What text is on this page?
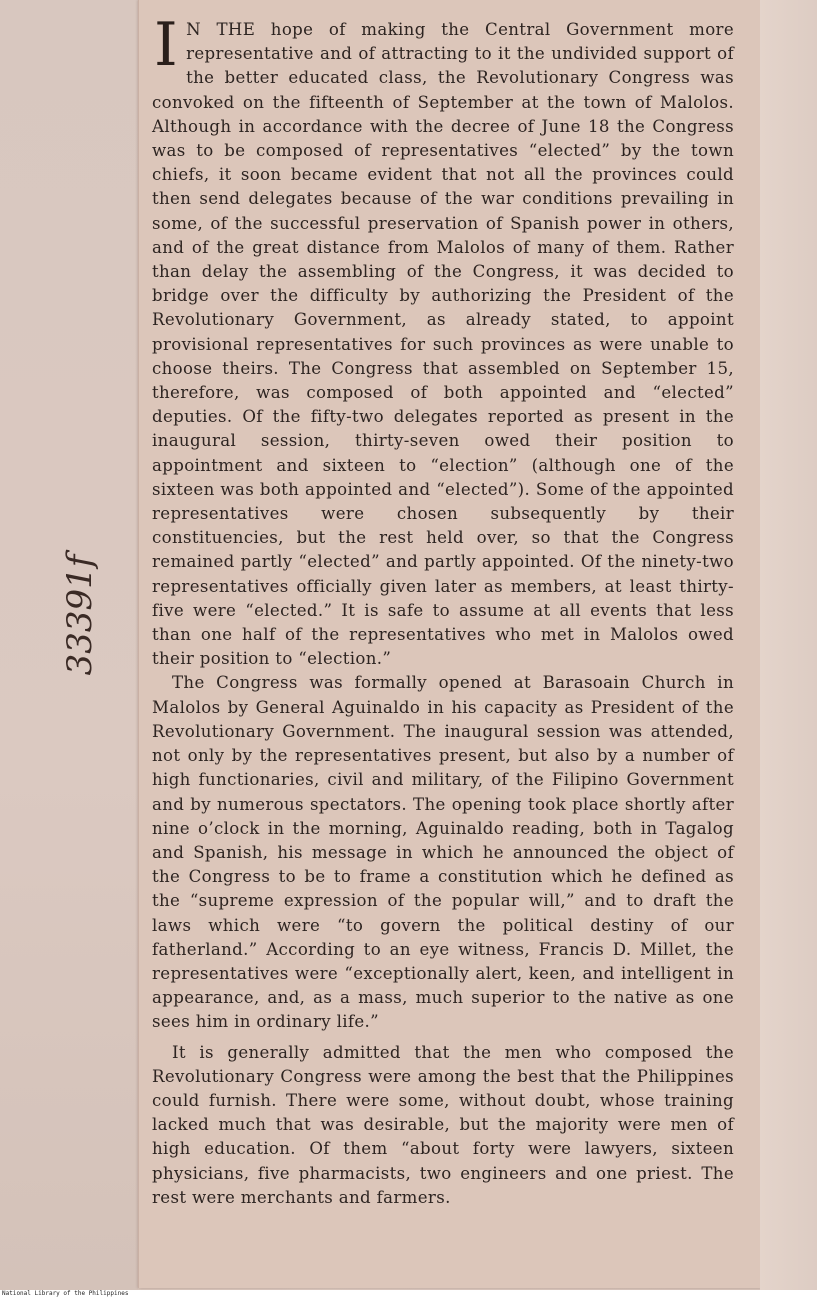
I N THE hope of making the Central Government more representative and of attracting to it the undivided support of the better educated class, the Revolutionary Congress was convoked on the fifteenth of September at the town of Malolos. Although in accordance with the decree of June 18 the Congress was to be composed of representatives “elected” by the town chiefs, it soon became evident that not all the provinces could then send delegates because of the war conditions prevailing in some, of the successful preservation of Spanish power in others, and of the great distance from Malolos of many of them. Rather than delay the assembling of the Congress, it was decided to bridge over the difficulty by authorizing the President of the Revolutionary Government, as already stated, to appoint provisional representatives for such provinces as were unable to choose theirs. The Congress that assembled on September 15, therefore, was composed of both appointed and “elected” deputies. Of the fifty-two delegates reported as present in the inaugural session, thirty-seven owed their position to appointment and sixteen to “election” (although one of the sixteen was both appointed and “elected”). Some of the appointed representatives were chosen subsequently by their constituencies, but the rest held over, so that the Congress remained partly “elected” and partly appointed. Of the ninety-two representatives officially given later as members, at least thirty-five were “elected.” It is safe to assume at all events that less than one half of the representatives who met in Malolos owed their position to “election.”

The Congress was formally opened at Barasoain Church in Malolos by General Aguinaldo in his capacity as President of the Revolutionary Government. The inaugural session was attended, not only by the representatives present, but also by a number of high functionaries, civil and military, of the Filipino Government and by numerous spectators. The opening took place shortly after nine o’clock in the morning, Aguinaldo reading, both in Tagalog and Spanish, his message in which he announced the object of the Congress to be to frame a constitution which he defined as the “supreme expression of the popular will,” and to draft the laws which were “to govern the political destiny of our fatherland.” According to an eye witness, Francis D. Millet, the representatives were “exceptionally alert, keen, and intelligent in appearance, and, as a mass, much superior to the native as one sees him in ordinary life.”

It is generally admitted that the men who composed the Revolutionary Congress were among the best that the Philippines could furnish. There were some, without doubt, whose training lacked much that was desirable, but the majority were men of high education. Of them “about forty were lawyers, sixteen physicians, five pharmacists, two engineers and one priest. The rest were merchants and farmers.

33391f
National Library of the Philippines
